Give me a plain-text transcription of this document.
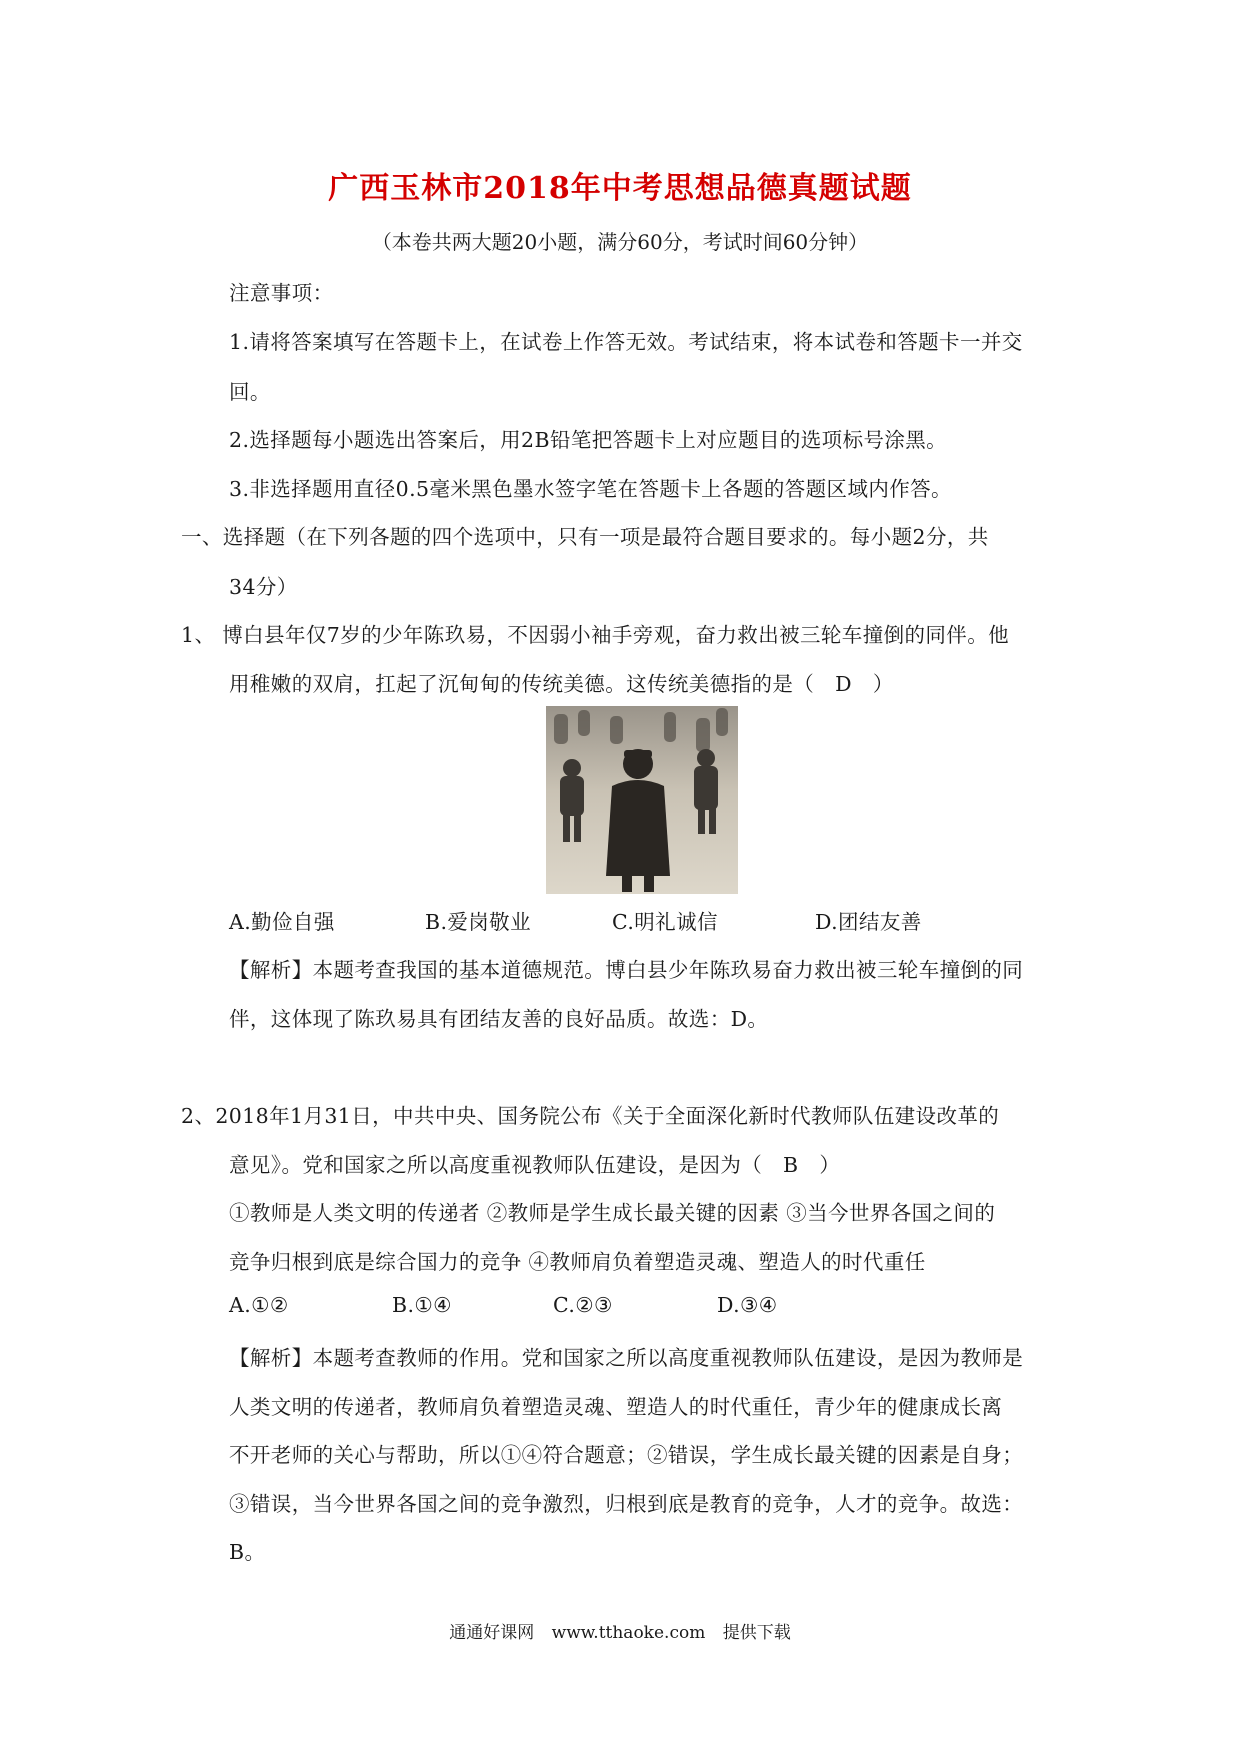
广西玉林市2018年中考思想品德真题试题
（本卷共两大题20小题，满分60分，考试时间60分钟）
注意事项：
1.请将答案填写在答题卡上，在试卷上作答无效。考试结束，将本试卷和答题卡一并交
回。
2.选择题每小题选出答案后，用2B铅笔把答题卡上对应题目的选项标号涂黑。
3.非选择题用直径0.5毫米黑色墨水签字笔在答题卡上各题的答题区域内作答。
一、选择题（在下列各题的四个选项中，只有一项是最符合题目要求的。每小题2分，共
34分）
1、 博白县年仅7岁的少年陈玖易，不因弱小袖手旁观，奋力救出被三轮车撞倒的同伴。他
用稚嫩的双肩，扛起了沉甸甸的传统美德。这传统美德指的是（　D　）
A.勤俭自强	B.爱岗敬业	C.明礼诚信	D.团结友善
【解析】本题考查我国的基本道德规范。博白县少年陈玖易奋力救出被三轮车撞倒的同
伴，这体现了陈玖易具有团结友善的良好品质。故选：D。
2、2018年1月31日，中共中央、国务院公布《关于全面深化新时代教师队伍建设改革的
意见》。党和国家之所以高度重视教师队伍建设，是因为（　B　）
①教师是人类文明的传递者 ②教师是学生成长最关键的因素 ③当今世界各国之间的
竞争归根到底是综合国力的竞争 ④教师肩负着塑造灵魂、塑造人的时代重任
A.①②	B.①④	C.②③	D.③④
【解析】本题考查教师的作用。党和国家之所以高度重视教师队伍建设，是因为教师是
人类文明的传递者，教师肩负着塑造灵魂、塑造人的时代重任，青少年的健康成长离
不开老师的关心与帮助，所以①④符合题意；②错误，学生成长最关键的因素是自身；
③错误，当今世界各国之间的竞争激烈，归根到底是教育的竞争，人才的竞争。故选：
B。
通通好课网 www.tthaoke.com 提供下载
